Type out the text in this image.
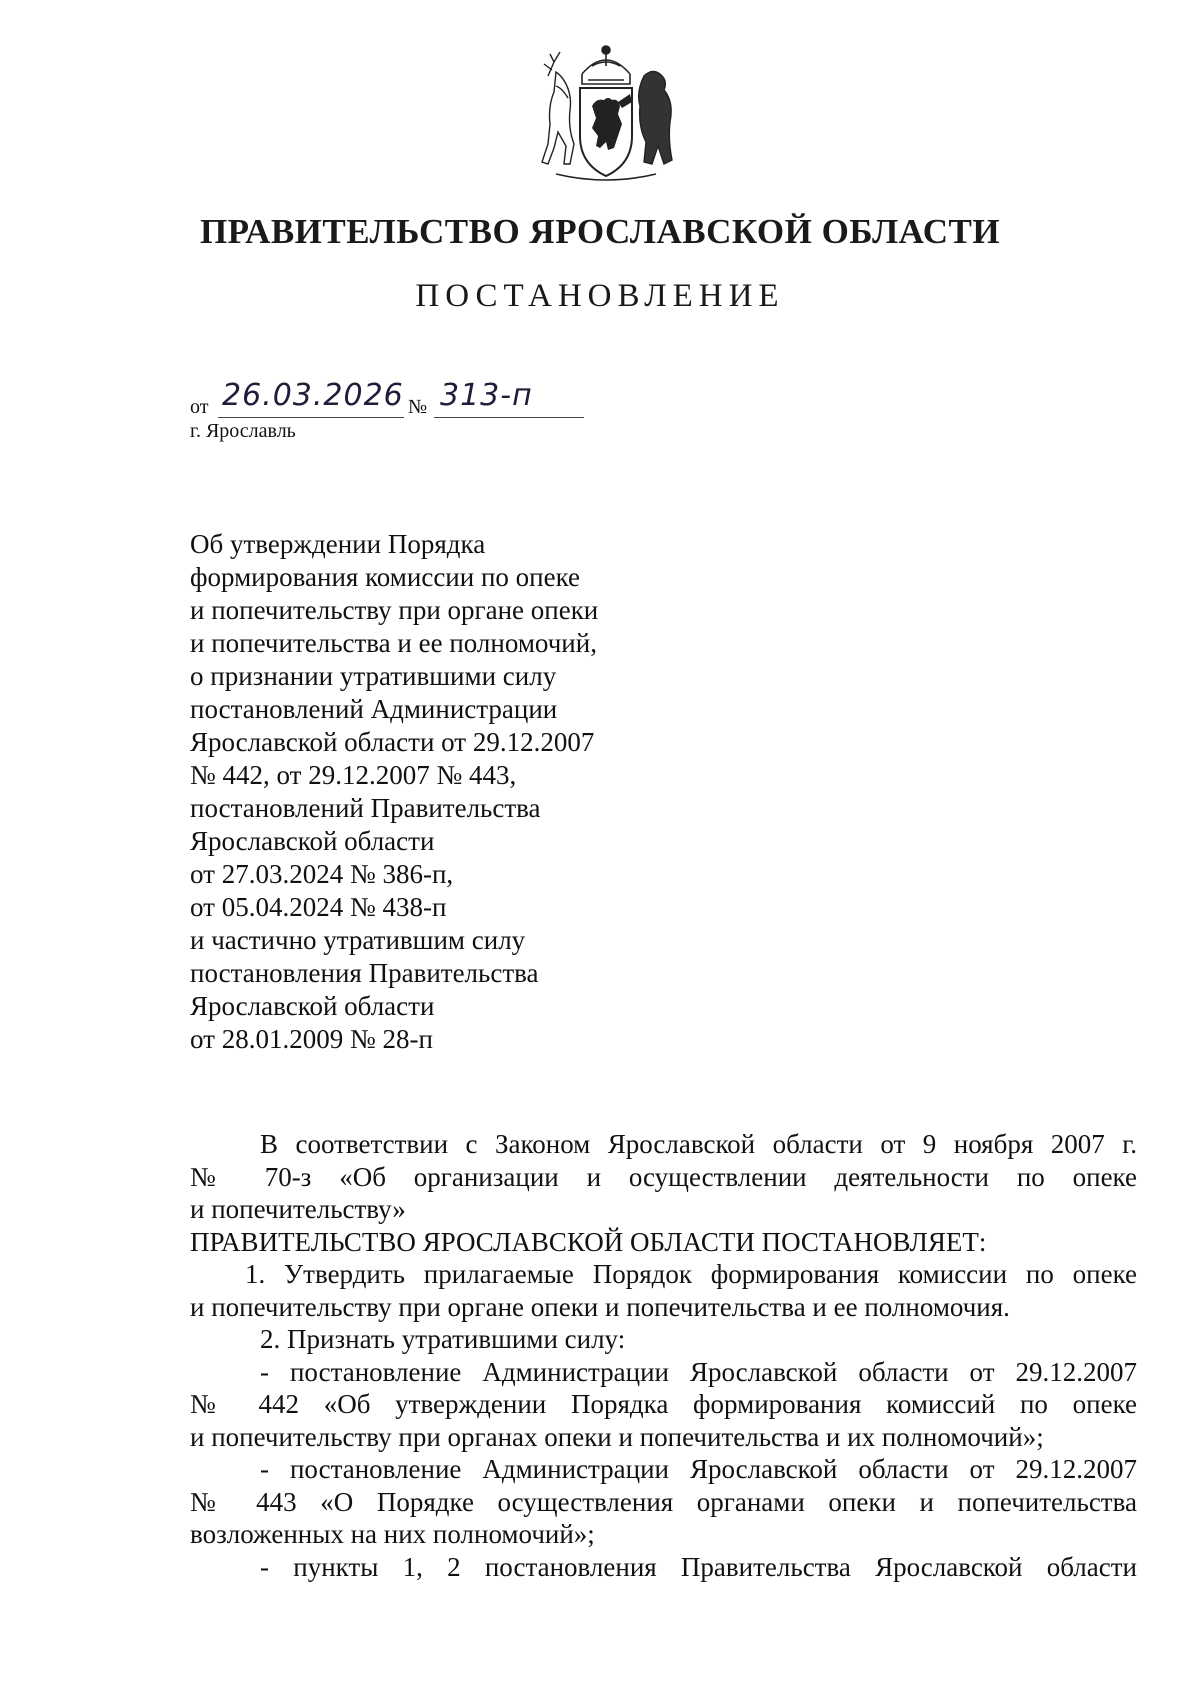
ПРАВИТЕЛЬСТВО ЯРОСЛАВСКОЙ ОБЛАСТИ
ПОСТАНОВЛЕНИЕ
от 26.03.2026 № 313-п
г. Ярославль
Об утверждении Порядка
формирования комиссии по опеке
и попечительству при органе опеки
и попечительства и ее полномочий,
о признании утратившими силу
постановлений Администрации
Ярославской области от 29.12.2007
№ 442, от 29.12.2007 № 443,
постановлений Правительства
Ярославской области
от 27.03.2024 № 386-п,
от 05.04.2024 № 438-п
и частично утратившим силу
постановления Правительства
Ярославской области
от 28.01.2009 № 28-п
В соответствии с Законом Ярославской области от 9 ноября 2007 г.
№ 70-з «Об организации и осуществлении деятельности по опеке
и попечительству»
ПРАВИТЕЛЬСТВО ЯРОСЛАВСКОЙ ОБЛАСТИ ПОСТАНОВЛЯЕТ:
1. Утвердить прилагаемые Порядок формирования комиссии по опеке
и попечительству при органе опеки и попечительства и ее полномочия.
2. Признать утратившими силу:
- постановление Администрации Ярославской области от 29.12.2007
№ 442 «Об утверждении Порядка формирования комиссий по опеке
и попечительству при органах опеки и попечительства и их полномочий»;
- постановление Администрации Ярославской области от 29.12.2007
№ 443 «О Порядке осуществления органами опеки и попечительства
возложенных на них полномочий»;
- пункты 1, 2 постановления Правительства Ярославской области
